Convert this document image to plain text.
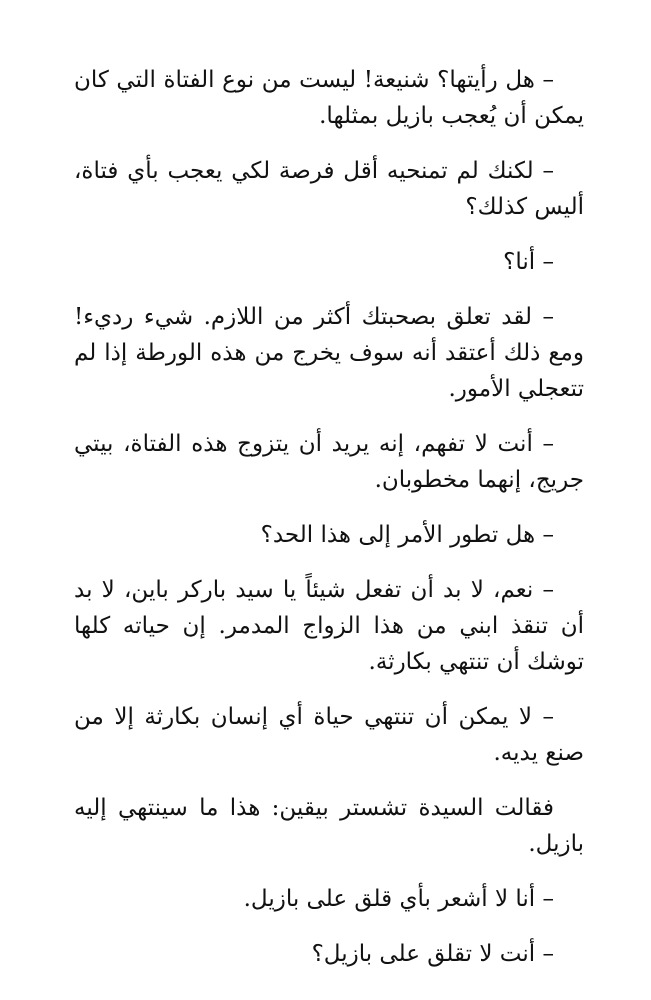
– هل رأيتها؟ شنيعة! ليست من نوع الفتاة التي كان يمكن أن يُعجب بازيل بمثلها.

– لكنك لم تمنحيه أقل فرصة لكي يعجب بأي فتاة، أليس كذلك؟

– أنا؟

– لقد تعلق بصحبتك أكثر من اللازم. شيء رديء! ومع ذلك أعتقد أنه سوف يخرج من هذه الورطة إذا لم تتعجلي الأمور.

– أنت لا تفهم، إنه يريد أن يتزوج هذه الفتاة، بيتي جريج، إنهما مخطوبان.

– هل تطور الأمر إلى هذا الحد؟

– نعم، لا بد أن تفعل شيئاً يا سيد باركر باين، لا بد أن تنقذ ابني من هذا الزواج المدمر. إن حياته كلها توشك أن تنتهي بكارثة.

– لا يمكن أن تنتهي حياة أي إنسان بكارثة إلا من صنع يديه.

فقالت السيدة تشستر بيقين: هذا ما سينتهي إليه بازيل.

– أنا لا أشعر بأي قلق على بازيل.

– أنت لا تقلق على بازيل؟
